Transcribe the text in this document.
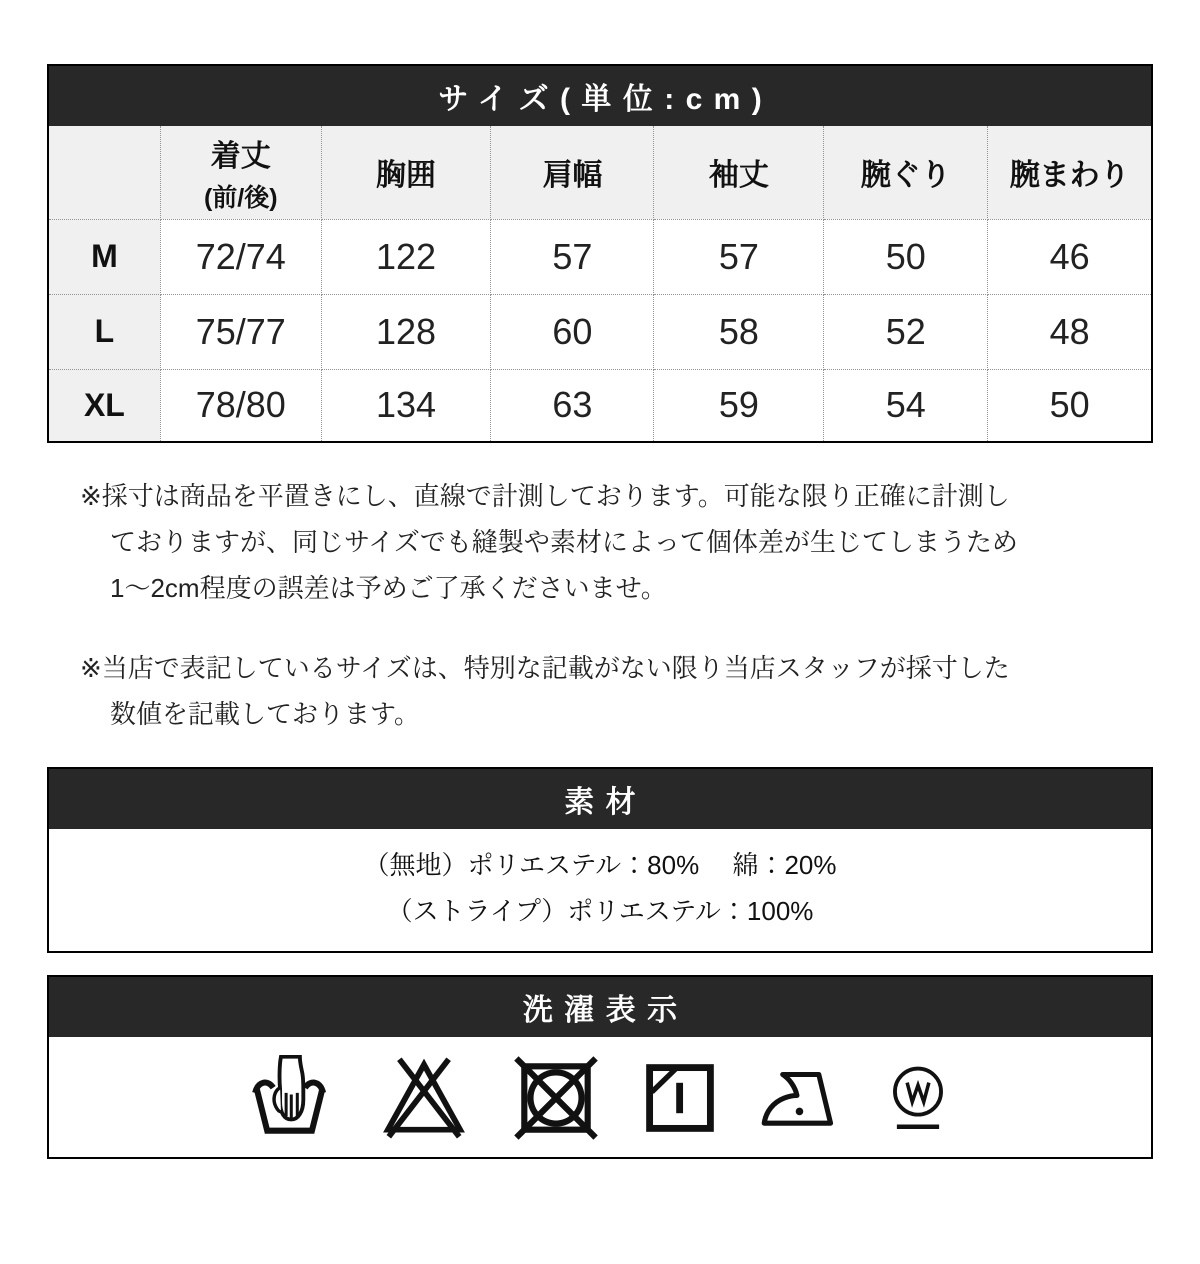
サイズ(単位:cm)

	着丈
(前/後)	胸囲	肩幅	袖丈	腕ぐり	腕まわり
M	72/74	122	57	57	50	46
L	75/77	128	60	58	52	48
XL	78/80	134	63	59	54	50
※採寸は商品を平置きにし、直線で計測しております。可能な限り正確に計測し
ておりますが、同じサイズでも縫製や素材によって個体差が生じてしまうため
1〜2cm程度の誤差は予めご了承くださいませ。
※当店で表記しているサイズは、特別な記載がない限り当店スタッフが採寸した
数値を記載しております。
素材
（無地）ポリエステル：80%　 綿：20%
（ストライプ）ポリエステル：100%
洗濯表示
